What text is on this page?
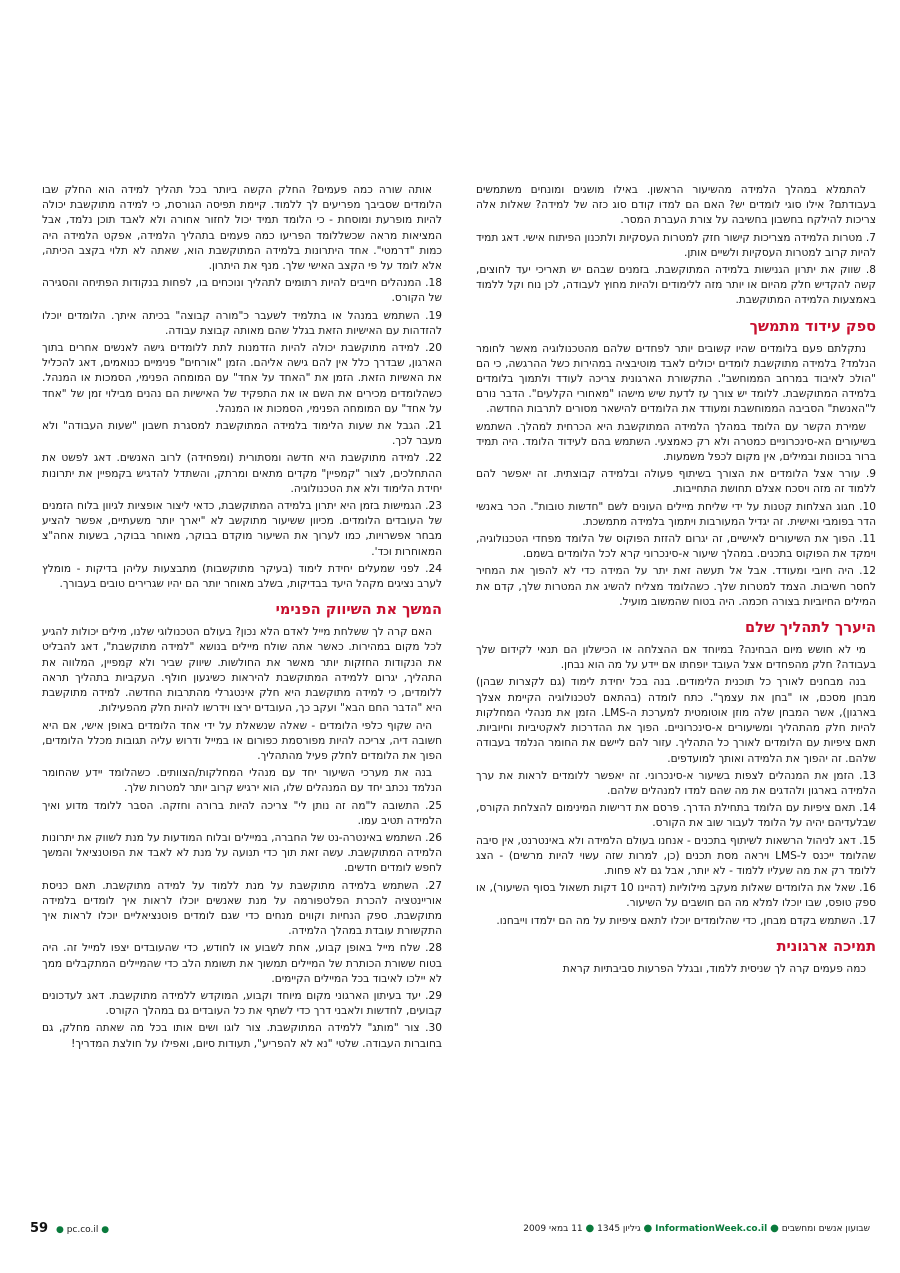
להתמלא במהלך הלמידה מהשיעור הראשון. באילו מושגים ומונחים משתמשים בעבודתם? אילו סוגי לומדים יש? האם הם למדו קודם סוג כזה של למידה? שאלות אלה צריכות להילקח בחשבון בחשיבה על צורת העברת המסר.

7. מטרות הלמידה מצריכות קישור חזק למטרות העסקיות ולתכנון הפיתוח אישי. דאג תמיד להיות קרוב למטרות העסקיות ולשיים אותן.

8. שווק את יתרון הגנישות בלמידה המתוקשבת. בזמנים שבהם יש תאריכי יעד לחוצים, קשה להקדיש חלק מהיום או יותר מזה ללימודים ולהיות מחוץ לעבודה, לכן נוח וקל ללמוד באמצעות הלמידה המתוקשבת.

ספק עידוד מתמשך

נתקלתם פעם בלומדים שהיו קשובים יותר לפחדים שלהם מהטכנולוגיה מאשר לחומר הנלמד? בלמידה מתוקשבת לומדים יכולים לאבד מוטיבציה במהירות כשל ההרגשה, כי הם "הולכ לאיבוד במרחב הממוחשב". התקשורת הארגונית צריכה לעודד ולתמוך בלומדים בלמידה המתוקשבת. ללומד יש צורך עז לדעת שיש מישהו "מאחורי הקלעים". הדבר נורם ל"האנשת" הסביבה הממוחשבת ומעודד את הלומדים להישאר מסורים לתרבות החדשה.

שמירת הקשר עם הלומד במהלך הלמידה המתוקשבת היא הכרחית למהלך. השתמש בשיעורים הא-סינכרוניים כמטרה ולא רק כאמצעי. השתמש בהם לעידוד הלומד. היה תמיד ברור בכוונות ובמילים, אין מקום לכפל משמעות.

9. עורר אצל הלומדים את הצורך בשיתוף פעולה ובלמידה קבוצתית. זה יאפשר להם ללמוד זה מזה ויסכח אצלם תחושת התחייבות.

10. חגוג הצלחות קטנות על ידי שליחת מיילים העונים לשם "חדשות טובות". הכר באנשי הדר בפומבי ואישית. זה יגדיל המעורבות ויתמוך בלמידה מתמשכת.

11. הפוך את השיעורים לאישיים, זה יגרום להזזת הפוקוס של הלומד מפחדי הטכנולוגיה, וימקד את הפוקוס בתכנים. במהלך שיעור א-סינכרוני קרא לכל הלומדים בשמם.

12. היה חיובי ומעודד. אבל אל תעשה זאת יתר על המידה כדי לא להפוך את המחיר לחסר חשיבות. הצמד למטרות שלך. כשהלומד מצליח להשיג את המטרות שלך, קדם את המילים החיוביות בצורה חכמה. היה בטוח שהמשוב מועיל.

היערך לתהליך שלם

מי לא חושש מיום הבחינה? במיוחד אם ההצלחה או הכישלון הם תנאי לקידום שלך בעבודה? חלק מהפחדים אצל העובד יופחתו אם יידע על מה הוא נבחן.

בנה מבחנים לאורך כל תוכנית הלימודים. בנה בכל יחידת לימוד (גם לקצרות שבהן) מבחן מסכם, או "בחן את עצמך". כתח לומדה (בהתאם לטכנולוגיה הקיימת אצלך בארגון), אשר המבחן שלה מוזן אוטומטית למערכת ה-LMS. הזמן את מנהלי המחלקות להיות חלק מהתהליך ומשיעורים א-סינכרוניים. הפוך את ההדרכות לאקטיביות וחיוביות. תאם ציפיות עם הלומדים לאורך כל התהליך. עזור להם ליישם את החומר הנלמד בעבודה שלהם. זה יהפוך את הלמידה ואותך למועדפים.

13. הזמן את המנהלים לצפות בשיעור א-סינכרוני. זה יאפשר ללומדים לראות את ערך הלמידה בארגון ולהדגים את מה שהם למדו למנהלים שלהם.

14. תאם ציפיות עם הלומד בתחילת הדרך. פרסם את דרישות המינימום להצלחת הקורס, שבלעדיהם יהיה על הלומד לעבור שוב את הקורס.

15. דאג לניהול הרשאות לשיתוף בתכנים - אנחנו בעולם הלמידה ולא באינטרנט, אין סיבה שהלומד ייכנס ל-LMS ויראה מסת תכנים (כן, למרות שזה עשוי להיות מרשים) - הצג ללומד רק את מה שעליו ללמוד - לא יותר, אבל גם לא פחות.

16. שאל את הלומדים שאלות מעקב מילוליות (דהיינו 10 דקות תשאול בסוף השיעור), או ספק טופס, שבו יוכלו למלא מה הם חושבים על השיעור.

17. השתמש בקדם מבחן, כדי שהלומדים יוכלו לתאם ציפיות על מה הם ילמדו וייבחנו.

תמיכה ארגונית

כמה פעמים קרה לך שניסית ללמוד, ובגלל הפרעות סביבתיות קראת

אותה שורה כמה פעמים? החלק הקשה ביותר בכל תהליך למידה הוא החלק שבו הלומדים שסביבך מפריעים לך ללמוד. קיימת תפיסה הגורסת, כי למידה מתוקשבת יכולה להיות מופרעת ומוסחת - כי הלומד תמיד יכול לחזור אחורה ולא לאבד תוכן נלמד, אבל המציאות מראה שכשללומד הפריעו כמה פעמים בתהליך הלמידה, אפקט הלמידה היה כמות "דרמטי". אחד היתרונות בלמידה המתוקשבת הוא, שאתה לא תלוי בקצב הכיתה, אלא לומד על פי הקצב האישי שלך. מנף את היתרון.

18. המנהלים חייבים להיות רתומים לתהליך ונוכחים בו, לפחות בנקודות הפתיחה והסגירה של הקורס.

19. השתמש במנהל או בתלמיד לשעבר כ"מורה קבוצה" בכיתה איתך. הלומדים יוכלו להזדהות עם האישיות הזאת בגלל שהם מאותה קבוצת עבודה.

20. למידה מתוקשבת יכולה להיות הזדמנות לתת ללומדים גישה לאנשים אחרים בתוך הארגון, שבדרך כלל אין להם גישה אליהם. הזמן "אורחים" פנימיים כנואמים, דאג להכליל את האשיות הזאת. הזמן את "האחד על אחד" עם המומחה הפנימי, הסמכות או המנהל. כשהלומדים מכירים את השם או את התפקיד של האישיות הם נהנים מבילוי זמן של "אחד על אחד" עם המומחה הפנימי, הסמכות או המנהל.

21. הגבל את שעות הלימוד בלמידה המתוקשבת למסגרת חשבון "שעות העבודה" ולא מעבר לכך.

22. למידה מתוקשבת היא חדשה ומסתורית (ומפחידה) לרוב האנשים. דאג לפשט את ההתחלכים, לצור "קמפיין" מקדים מתאים ומרתק, והשתדל להדגיש בקמפיין את יתרונות יחידת הלימוד ולא את הטכנולוגיה.

23. הגמישות בזמן היא יתרון בלמידה המתוקשבת, כדאי ליצור אופציות לגיוון בלוח הזמנים של העובדים הלומדים. מכיוון ששיעור מתוקשב לא "יארך יותר משעתיים, אפשר להציע מבחר אפשרויות, כמו לערוך את השיעור מוקדם בבוקר, מאוחר בבוקר, בשעות אחה"צ המאוחרות וכד'.

24. לפני שמעלים יחידת לימוד (בעיקר מתוקשבות) מתבצעות עליהן בדיקות - מומלץ לערב נציגים מקהל היעד בבדיקות, בשלב מאוחר יותר הם יהיו שגרירים טובים בעבורך.

המשך את השיווק הפנימי

האם קרה לך ששלחת מייל לאדם הלא נכון? בעולם הטכנולוגי שלנו, מילים יכולות להגיע לכל מקום במהירות. כאשר אתה שולח מיילים בנושא "למידה מתוקשבת", דאג להבליט את הנקודות החזקות יותר מאשר את החולשות. שיווק שביר ולא קמפיין, המלווה את התהליך, יגרום ללמידה המתוקשבת להיראות כשיגעון חולף. העקביות בתהליך תראה ללומדים, כי למידה מתוקשבת היא חלק אינטגרלי מהתרבות החדשה. למידה מתוקשבת היא "הדבר החם הבא" ועקב כך, העובדים ירצו וידרשו להיות חלק מהפעילות.

היה שקוף כלפי הלומדים - שאלה שנשאלת על ידי אחד הלומדים באופן אישי, אם היא חשובה דיה, צריכה להיות מפורסמת כפורום או במייל ודרוש עליה תגובות מכלל הלומדים, הפוך את הלומדים לחלק פעיל מהתהליך.

בנה את מערכי השיעור יחד עם מנהלי המחלקות/הצוותים. כשהלומד יידע שהחומר הנלמד נכתב יחד עם המנהלים שלו, הוא ירגיש קרוב יותר למטרות שלך.

25. התשובה ל"מה זה נותן לי" צריכה להיות ברורה וחזקה. הסבר ללומד מדוע ואיך הלמידה תטיב עמו.

26. השתמש באינטרה-נט של החברה, במיילים ובלוח המודעות על מנת לשווק את יתרונות הלמידה המתוקשבת. עשה זאת תוך כדי תנועה על מנת לא לאבד את הפוטנציאל והמשך לחפש לומדים חדשים.

27. השתמש בלמידה מתוקשבת על מנת ללמוד על למידה מתוקשבת. תאם כניסת אוריינטציה להכרת הפלטפורמה על מנת שאנשים יוכלו לראות איך לומדים בלמידה מתוקשבת. ספק הנחיות וקווים מנחים כדי שגם לומדים פוטנציאליים יוכלו לראות איך התקשורת עובדת במהלך הלמידה.

28. שלח מייל באופן קבוע, אחת לשבוע או לחודש, כדי שהעובדים יצפו למייל זה. היה בטוח ששורת הכותרת של המיילים תמשוך את תשומת הלב כדי שהמיילים המתקבלים ממך לא יילכו לאיבוד בכל המיילים הקיימים.

29. יעד בעיתון הארגוני מקום מיוחד וקבוע, המוקדש ללמידה מתוקשבת. דאג לעדכונים קבועים, לחדשות ולאבני דרך כדי לשתף את כל העובדים גם במהלך הקורס.

30. צור "מותג" ללמידה המתוקשבת. צור לוגו ושים אותו בכל מה שאתה מחלק, גם בחוברות העבודה. שלטי "נא לא להפריע", תעודות סיום, ואפילו על חולצת המדריך!

שבועון אנשים ומחשבים ● InformationWeek.co.il ● גיליון 1345 ● 11 במאי 2009
59 ● pc.co.il ●
